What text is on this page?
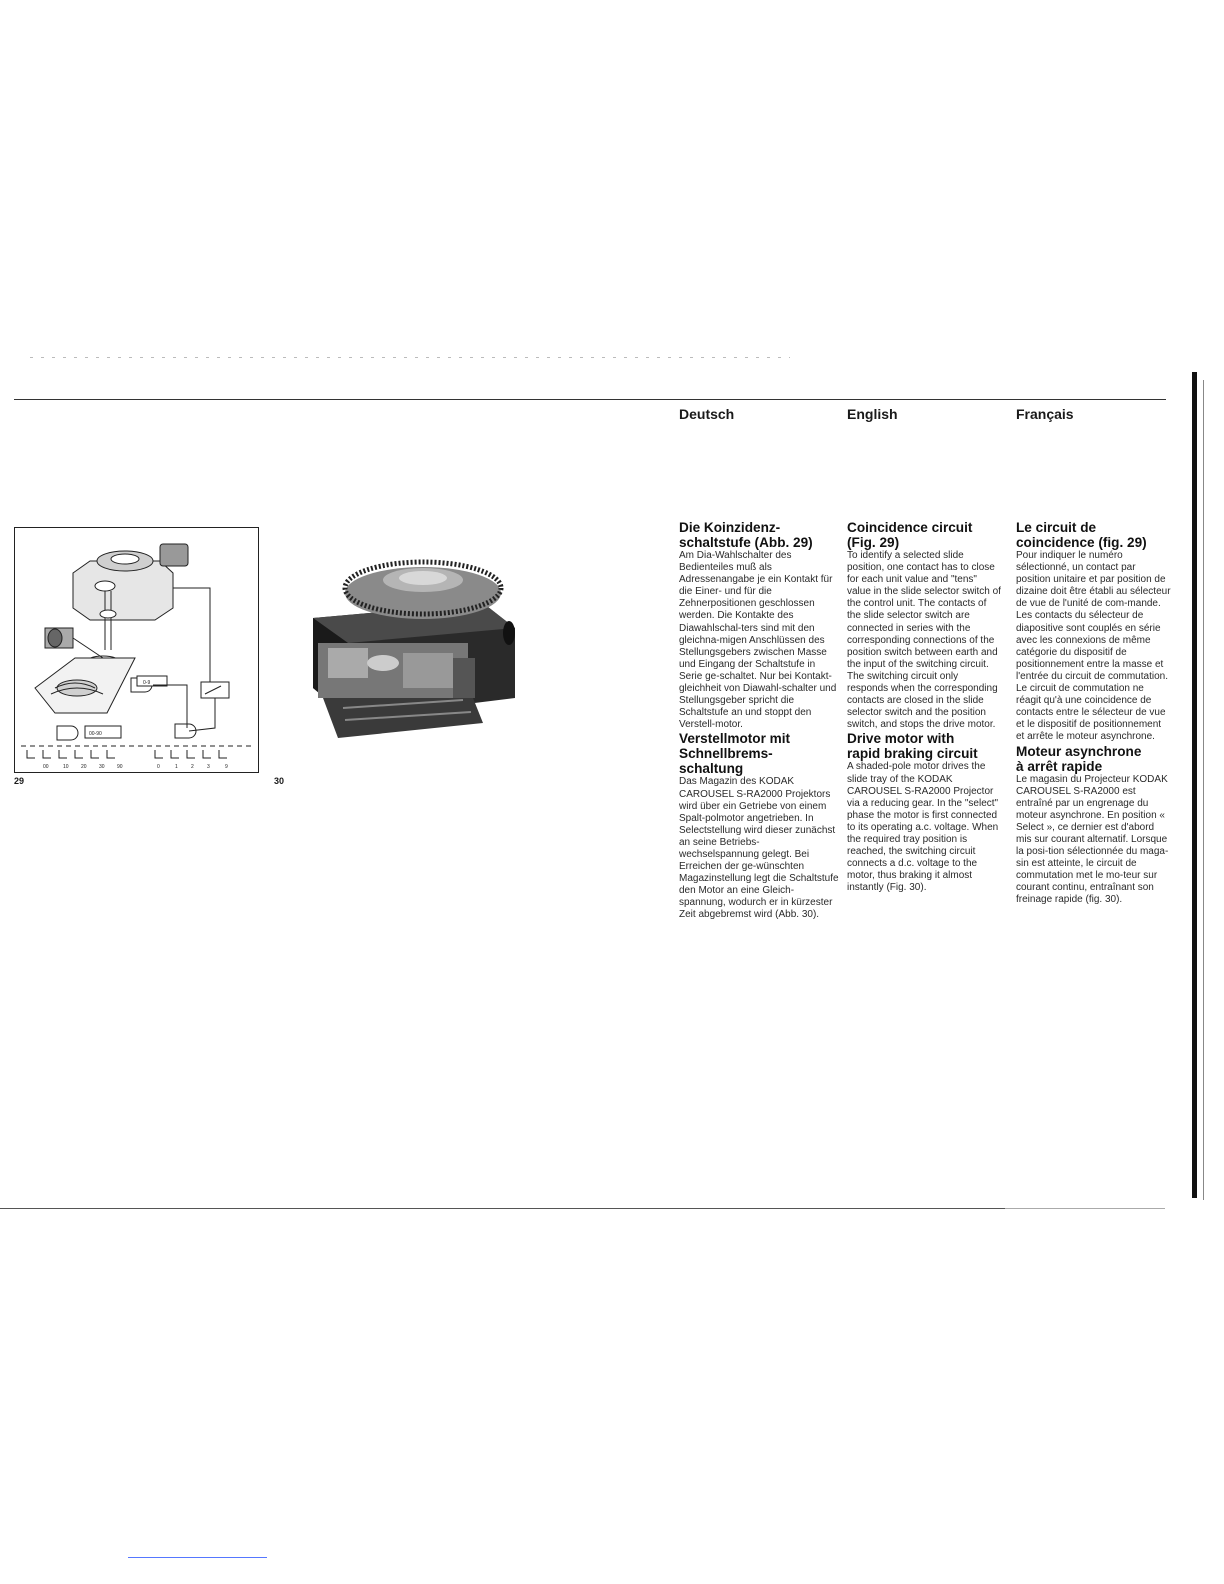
Deutsch	English	Français
0-9
00-90
00	10 20 30 90	0	1	2	3	9
29	30
Die Koinzidenz-
schaltstufe (Abb. 29)

Am Dia-Wahlschalter des Bedienteiles muß als Adressenangabe je ein Kontakt für die Einer- und für die Zehnerpositionen geschlossen werden. Die Kontakte des Diawahlschal-ters sind mit den gleichna-migen Anschlüssen des Stellungsgebers zwischen Masse und Eingang der Schaltstufe in Serie ge-schaltet. Nur bei Kontakt-gleichheit von Diawahl-schalter und Stellungsgeber spricht die Schaltstufe an und stoppt den Verstell-motor.

Verstellmotor mit
Schnellbrems-
schaltung

Das Magazin des KODAK CAROUSEL S-RA2000 Projektors wird über ein Getriebe von einem Spalt-polmotor angetrieben. In Selectstellung wird dieser zunächst an seine Betriebs-wechselspannung gelegt. Bei Erreichen der ge-wünschten Magazinstellung legt die Schaltstufe den Motor an eine Gleich-spannung, wodurch er in kürzester Zeit abgebremst wird (Abb. 30).

Coincidence circuit
(Fig. 29)

To identify a selected slide position, one contact has to close for each unit value and "tens" value in the slide selector switch of the control unit. The contacts of the slide selector switch are connected in series with the corresponding connections of the position switch between earth and the input of the switching circuit. The switching circuit only responds when the corresponding contacts are closed in the slide selector switch and the position switch, and stops the drive motor.

Drive motor with
rapid braking circuit

A shaded-pole motor drives the slide tray of the KODAK CAROUSEL S-RA2000 Projector via a reducing gear. In the "select" phase the motor is first connected to its operating a.c. voltage. When the required tray position is reached, the switching circuit connects a d.c. voltage to the motor, thus braking it almost instantly (Fig. 30).

Le circuit de
coincidence (fig. 29)

Pour indiquer le numéro sélectionné, un contact par position unitaire et par position de dizaine doit être établi au sélecteur de vue de l'unité de com-mande. Les contacts du sélecteur de diapositive sont couplés en série avec les connexions de même catégorie du dispositif de positionnement entre la masse et l'entrée du circuit de commutation. Le circuit de commutation ne réagit qu'à une coincidence de contacts entre le sélecteur de vue et le dispositif de positionnement et arrête le moteur asynchrone.

Moteur asynchrone
à arrêt rapide

Le magasin du Projecteur KODAK CAROUSEL S-RA2000 est entraîné par un engrenage du moteur asynchrone. En position « Select », ce dernier est d'abord mis sur courant alternatif. Lorsque la posi-tion sélectionnée du maga-sin est atteinte, le circuit de commutation met le mo-teur sur courant continu, entraînant son freinage rapide (fig. 30).
